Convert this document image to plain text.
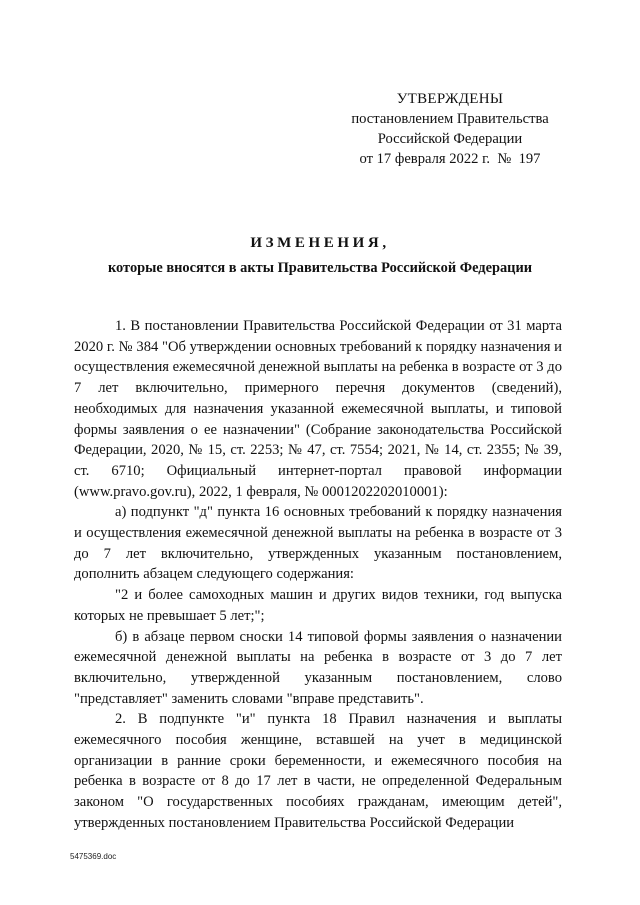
УТВЕРЖДЕНЫ
постановлением Правительства
Российской Федерации
от 17 февраля 2022 г.  №  197
ИЗМЕНЕНИЯ,
которые вносятся в акты Правительства Российской Федерации

1. В постановлении Правительства Российской Федерации от 31 марта 2020 г. № 384 "Об утверждении основных требований к порядку назначения и осуществления ежемесячной денежной выплаты на ребенка в возрасте от 3 до 7 лет включительно, примерного перечня документов (сведений), необходимых для назначения указанной ежемесячной выплаты, и типовой формы заявления о ее назначении" (Собрание законодательства Российской Федерации, 2020, № 15, ст. 2253; № 47, ст. 7554; 2021, № 14, ст. 2355; № 39, ст. 6710; Официальный интернет-портал правовой информации (www.pravo.gov.ru), 2022, 1 февраля, № 0001202202010001):

а) подпункт "д" пункта 16 основных требований к порядку назначения и осуществления ежемесячной денежной выплаты на ребенка в возрасте от 3 до 7 лет включительно, утвержденных указанным постановлением, дополнить абзацем следующего содержания:

"2 и более самоходных машин и других видов техники, год выпуска которых не превышает 5 лет;";

б) в абзаце первом сноски 14 типовой формы заявления о назначении ежемесячной денежной выплаты на ребенка в возрасте от 3 до 7 лет включительно, утвержденной указанным постановлением, слово "представляет" заменить словами "вправе представить".

2. В подпункте "и" пункта 18 Правил назначения и выплаты ежемесячного пособия женщине, вставшей на учет в медицинской организации в ранние сроки беременности, и ежемесячного пособия на ребенка в возрасте от 8 до 17 лет в части, не определенной Федеральным законом "О государственных пособиях гражданам, имеющим детей", утвержденных постановлением Правительства Российской Федерации

5475369.doc
